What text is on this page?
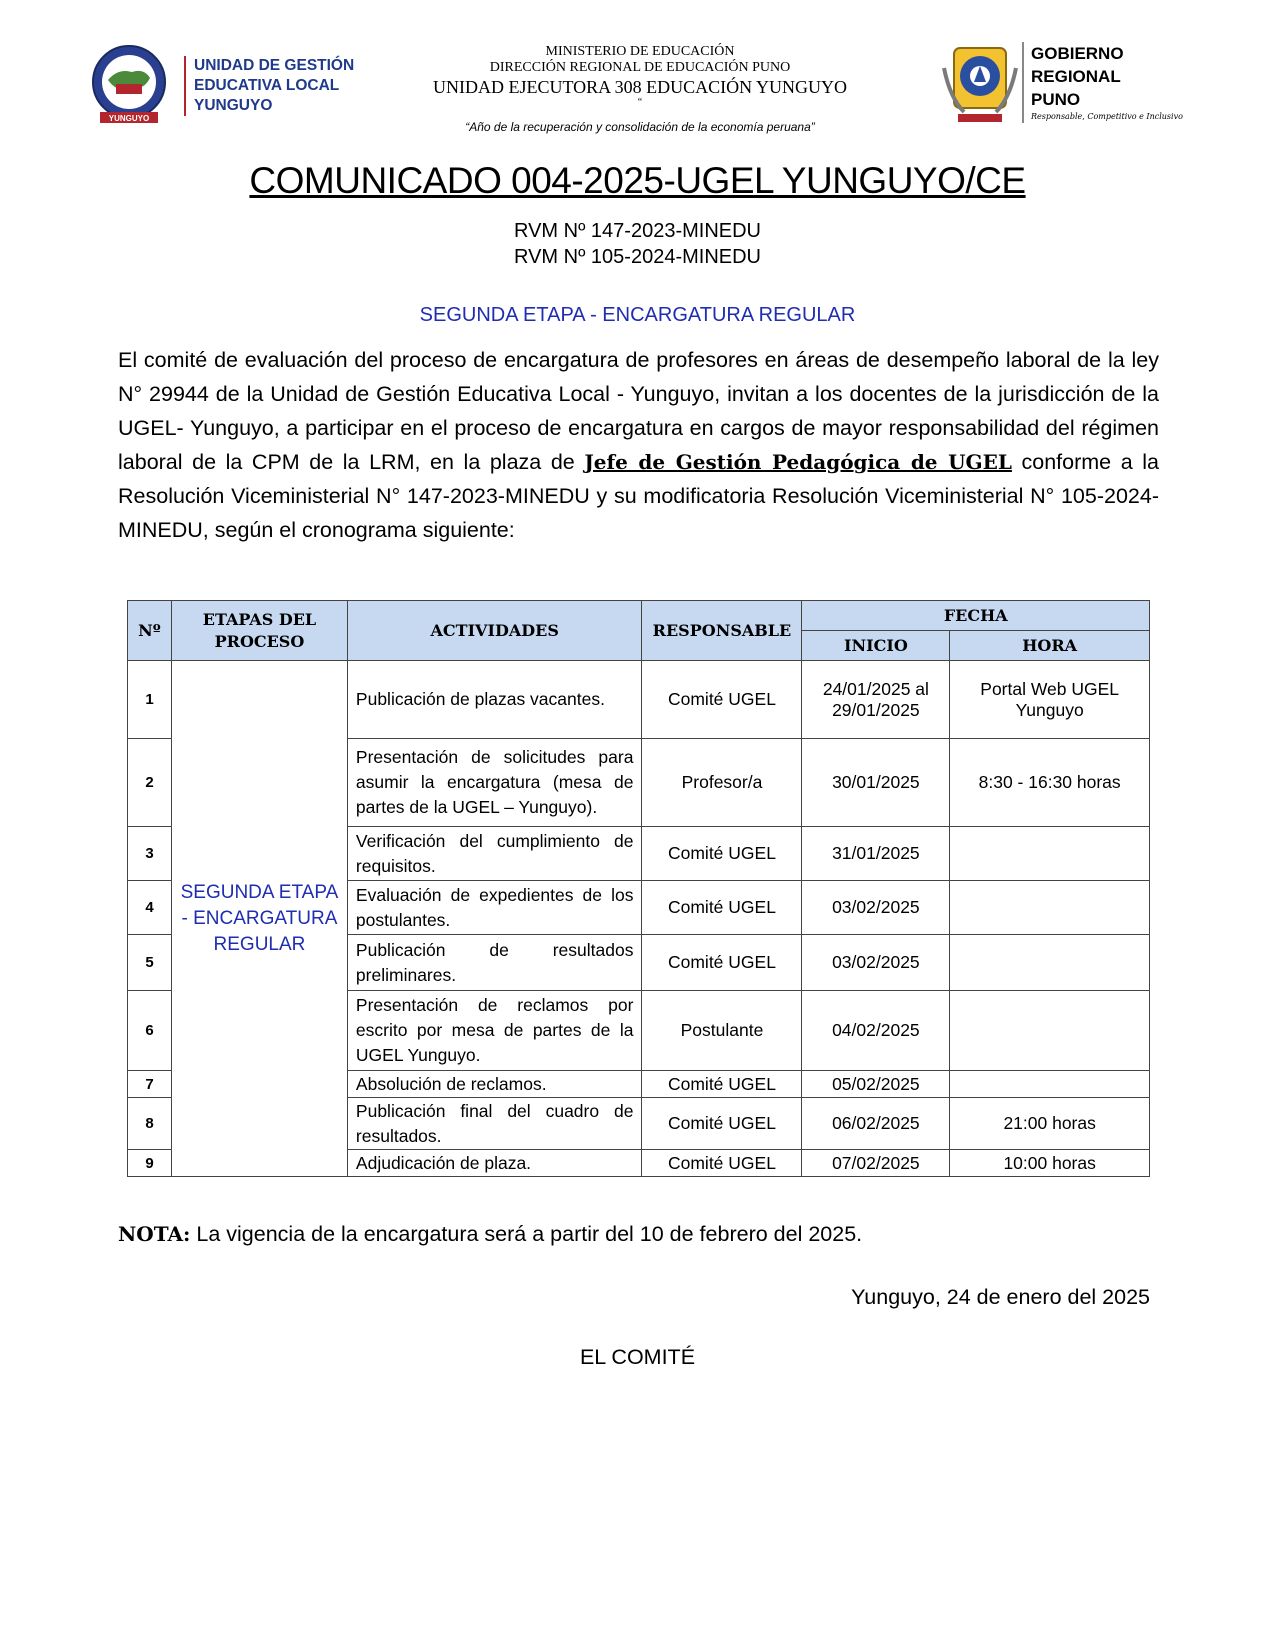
YUNGUYO
UNIDAD DE GESTIÓN
EDUCATIVA LOCAL
YUNGUYO
MINISTERIO DE EDUCACIÓN
DIRECCIÓN REGIONAL DE EDUCACIÓN PUNO
UNIDAD EJECUTORA 308 EDUCACIÓN YUNGUYO
“
“Año de la recuperación y consolidación de la economía peruana”
GOBIERNO
REGIONAL
PUNO
Responsable, Competitivo e Inclusivo
COMUNICADO 004-2025-UGEL YUNGUYO/CE
RVM Nº 147-2023-MINEDU
RVM Nº 105-2024-MINEDU
SEGUNDA ETAPA - ENCARGATURA REGULAR
El comité de evaluación del proceso de encargatura de profesores en áreas de desempeño laboral de la ley N° 29944 de la Unidad de Gestión Educativa Local - Yunguyo, invitan a los docentes de la jurisdicción de la UGEL- Yunguyo, a participar en el proceso de encargatura en cargos de mayor responsabilidad del régimen laboral de la CPM de la LRM, en la plaza de Jefe de Gestión Pedagógica de UGEL conforme a la Resolución Viceministerial N° 147-2023-MINEDU y su modificatoria Resolución Viceministerial N° 105-2024-MINEDU, según el cronograma siguiente:
Nº	ETAPAS DEL PROCESO	ACTIVIDADES	RESPONSABLE	FECHA	
				INICIO	HORA
1	SEGUNDA ETAPA - ENCARGATURA REGULAR	Publicación de plazas vacantes.	Comité UGEL	24/01/2025 al 29/01/2025	Portal Web UGEL Yunguyo
2		Presentación de solicitudes para asumir la encargatura (mesa de partes de la UGEL – Yunguyo).	Profesor/a	30/01/2025	8:30 - 16:30 horas
3		Verificación del cumplimiento de requisitos.	Comité UGEL	31/01/2025	
4		Evaluación de expedientes de los postulantes.	Comité UGEL	03/02/2025	
5		Publicación de resultados preliminares.	Comité UGEL	03/02/2025	
6		Presentación de reclamos por escrito por mesa de partes de la UGEL Yunguyo.	Postulante	04/02/2025	
7		Absolución de reclamos.	Comité UGEL	05/02/2025	
8		Publicación final del cuadro de resultados.	Comité UGEL	06/02/2025	21:00 horas
9		Adjudicación de plaza.	Comité UGEL	07/02/2025	10:00 horas
NOTA: La vigencia de la encargatura será a partir del 10 de febrero del 2025.
Yunguyo, 24 de enero del 2025
EL COMITÉ
